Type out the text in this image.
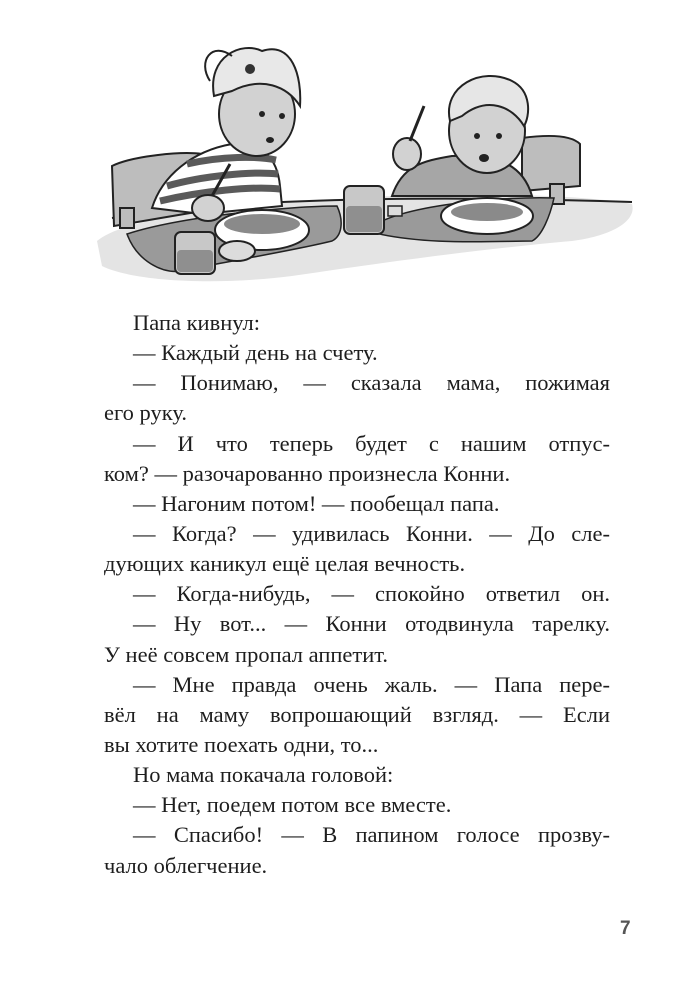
Папа кивнул:
— Каждый день на счету.
— Понимаю, — сказала мама, пожимая
его руку.
— И что теперь будет с нашим отпус-
ком? — разочарованно произнесла Конни.
— Нагоним потом! — пообещал папа.
— Когда? — удивилась Конни. — До сле-
дующих каникул ещё целая вечность.
— Когда-нибудь, — спокойно ответил он.
— Ну вот... — Конни отодвинула тарелку.
У неё совсем пропал аппетит.
— Мне правда очень жаль. — Папа пере-
вёл на маму вопрошающий взгляд. — Если
вы хотите поехать одни, то...
Но мама покачала головой:
— Нет, поедем потом все вместе.
— Спасибо! — В папином голосе прозву-
чало облегчение.
7
